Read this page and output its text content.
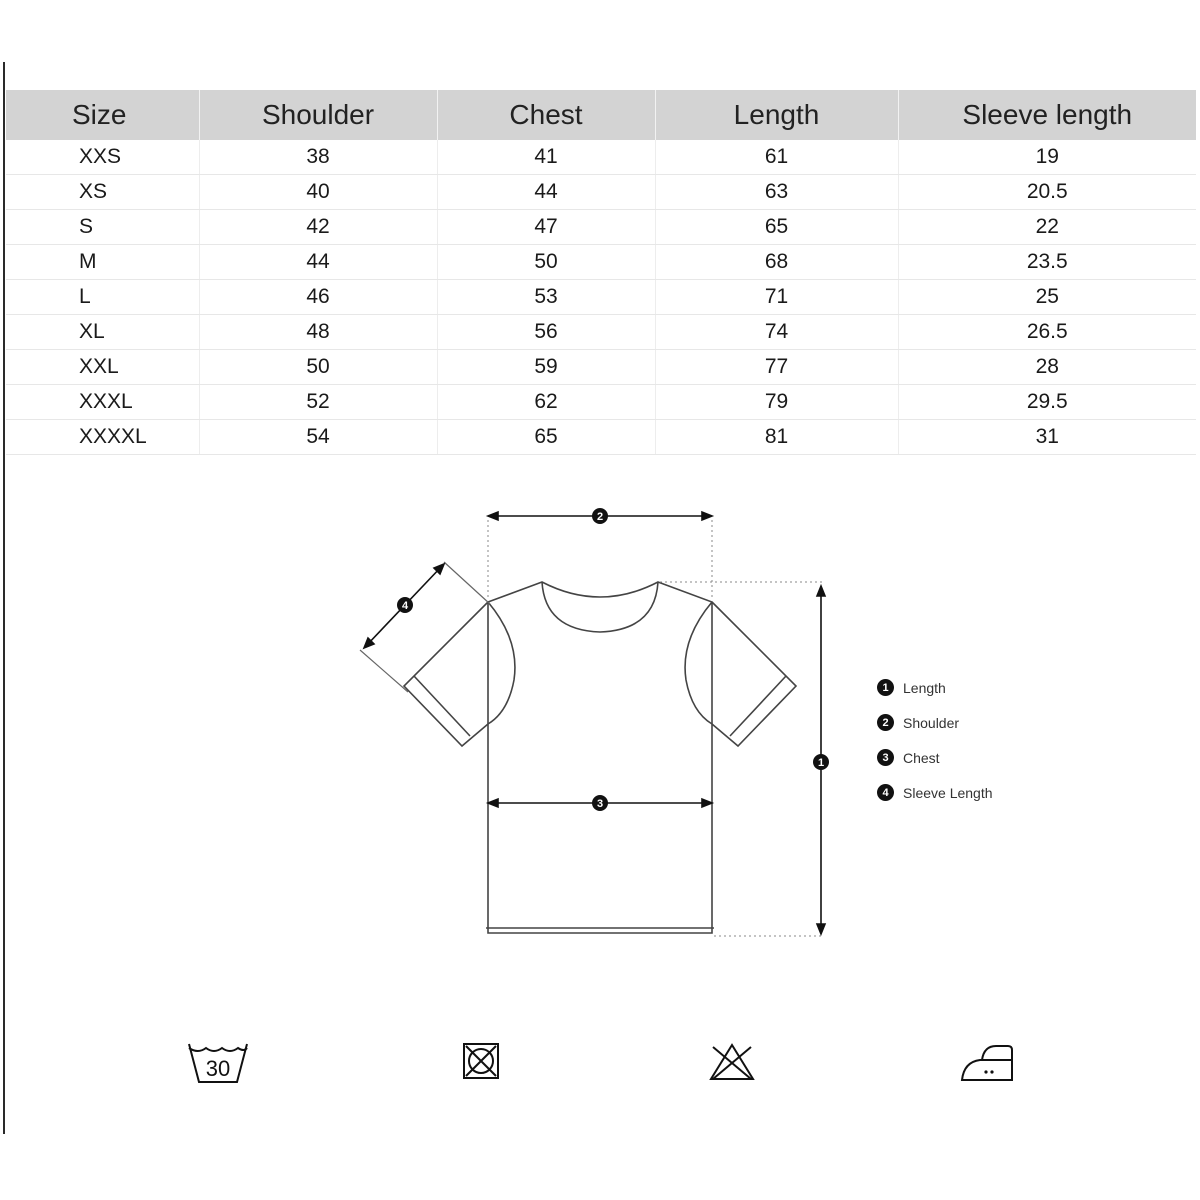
Size	Shoulder	Chest	Length	Sleeve length
XXS	38	41	61	19
XS	40	44	63	20.5
S	42	47	65	22
M	44	50	68	23.5
L	46	53	71	25
XL	48	56	74	26.5
XXL	50	59	77	28
XXXL	52	62	79	29.5
XXXXL	54	65	81	31
2
3
1
4
1	Length
2	Shoulder
3	Chest
4	Sleeve Length
30
